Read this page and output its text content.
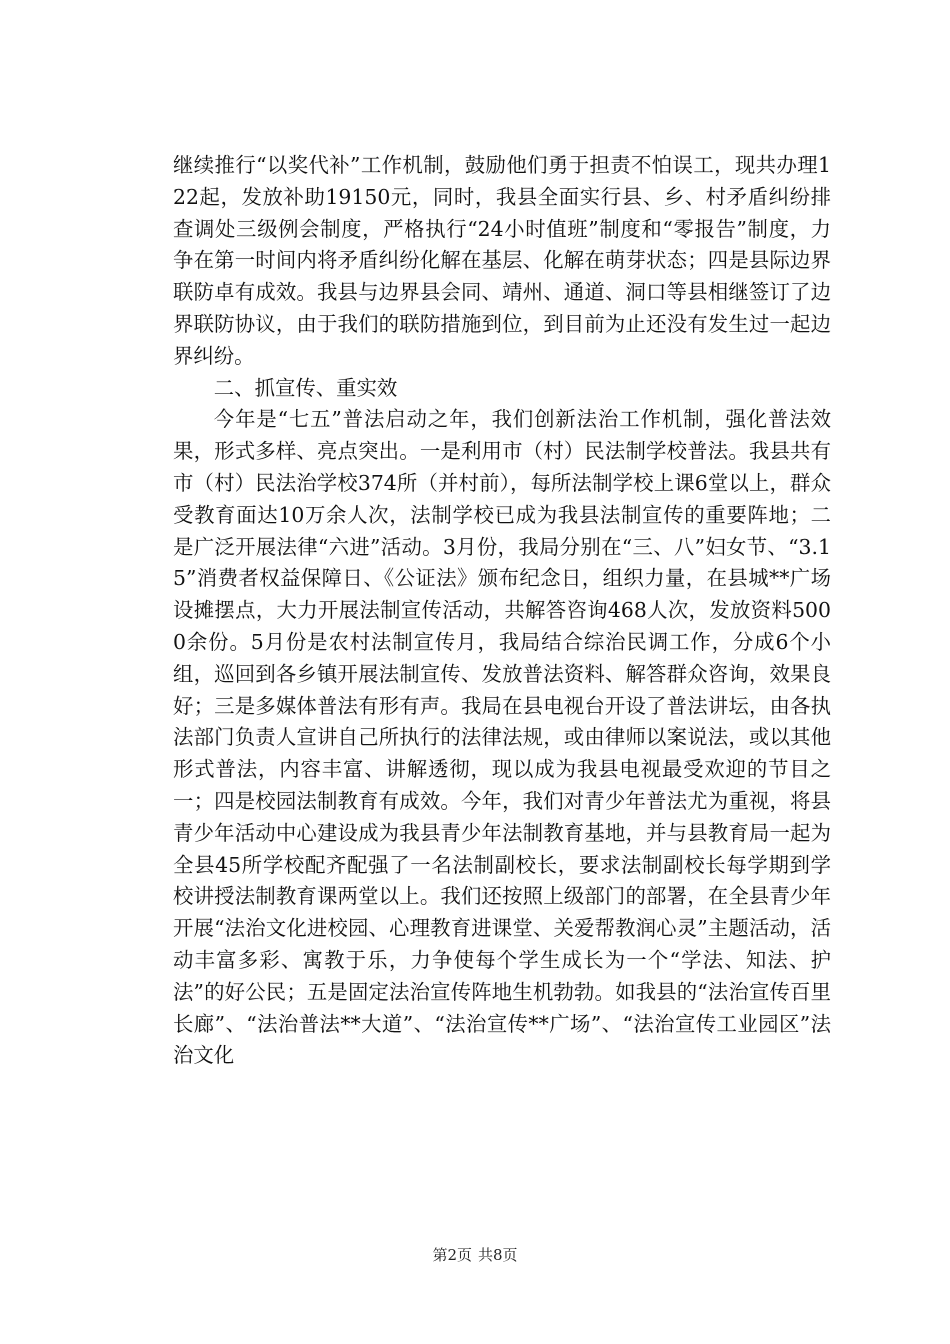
继续推行“以奖代补”工作机制，鼓励他们勇于担责不怕误工，现共办理122起，发放补助19150元，同时，我县全面实行县、乡、村矛盾纠纷排查调处三级例会制度，严格执行“24小时值班”制度和“零报告”制度，力争在第一时间内将矛盾纠纷化解在基层、化解在萌芽状态；四是县际边界联防卓有成效。我县与边界县会同、靖州、通道、洞口等县相继签订了边界联防协议，由于我们的联防措施到位，到目前为止还没有发生过一起边界纠纷。

二、抓宣传、重实效

今年是“七五”普法启动之年，我们创新法治工作机制，强化普法效果，形式多样、亮点突出。一是利用市（村）民法制学校普法。我县共有市（村）民法治学校374所（并村前），每所法制学校上课6堂以上，群众受教育面达10万余人次，法制学校已成为我县法制宣传的重要阵地；二是广泛开展法律“六进”活动。3月份，我局分别在“三、八”妇女节、“3.15”消费者权益保障日、《公证法》颁布纪念日，组织力量，在县城**广场设摊摆点，大力开展法制宣传活动，共解答咨询468人次，发放资料5000余份。5月份是农村法制宣传月，我局结合综治民调工作，分成6个小组，巡回到各乡镇开展法制宣传、发放普法资料、解答群众咨询，效果良好；三是多媒体普法有形有声。我局在县电视台开设了普法讲坛，由各执法部门负责人宣讲自己所执行的法律法规，或由律师以案说法，或以其他形式普法，内容丰富、讲解透彻，现以成为我县电视最受欢迎的节目之一；四是校园法制教育有成效。今年，我们对青少年普法尤为重视，将县青少年活动中心建设成为我县青少年法制教育基地，并与县教育局一起为全县45所学校配齐配强了一名法制副校长，要求法制副校长每学期到学校讲授法制教育课两堂以上。我们还按照上级部门的部署，在全县青少年开展“法治文化进校园、心理教育进课堂、关爱帮教润心灵”主题活动，活动丰富多彩、寓教于乐，力争使每个学生成长为一个“学法、知法、护法”的好公民；五是固定法治宣传阵地生机勃勃。如我县的“法治宣传百里长廊”、“法治普法**大道”、“法治宣传**广场”、“法治宣传工业园区”法治文化

第2页 共8页
